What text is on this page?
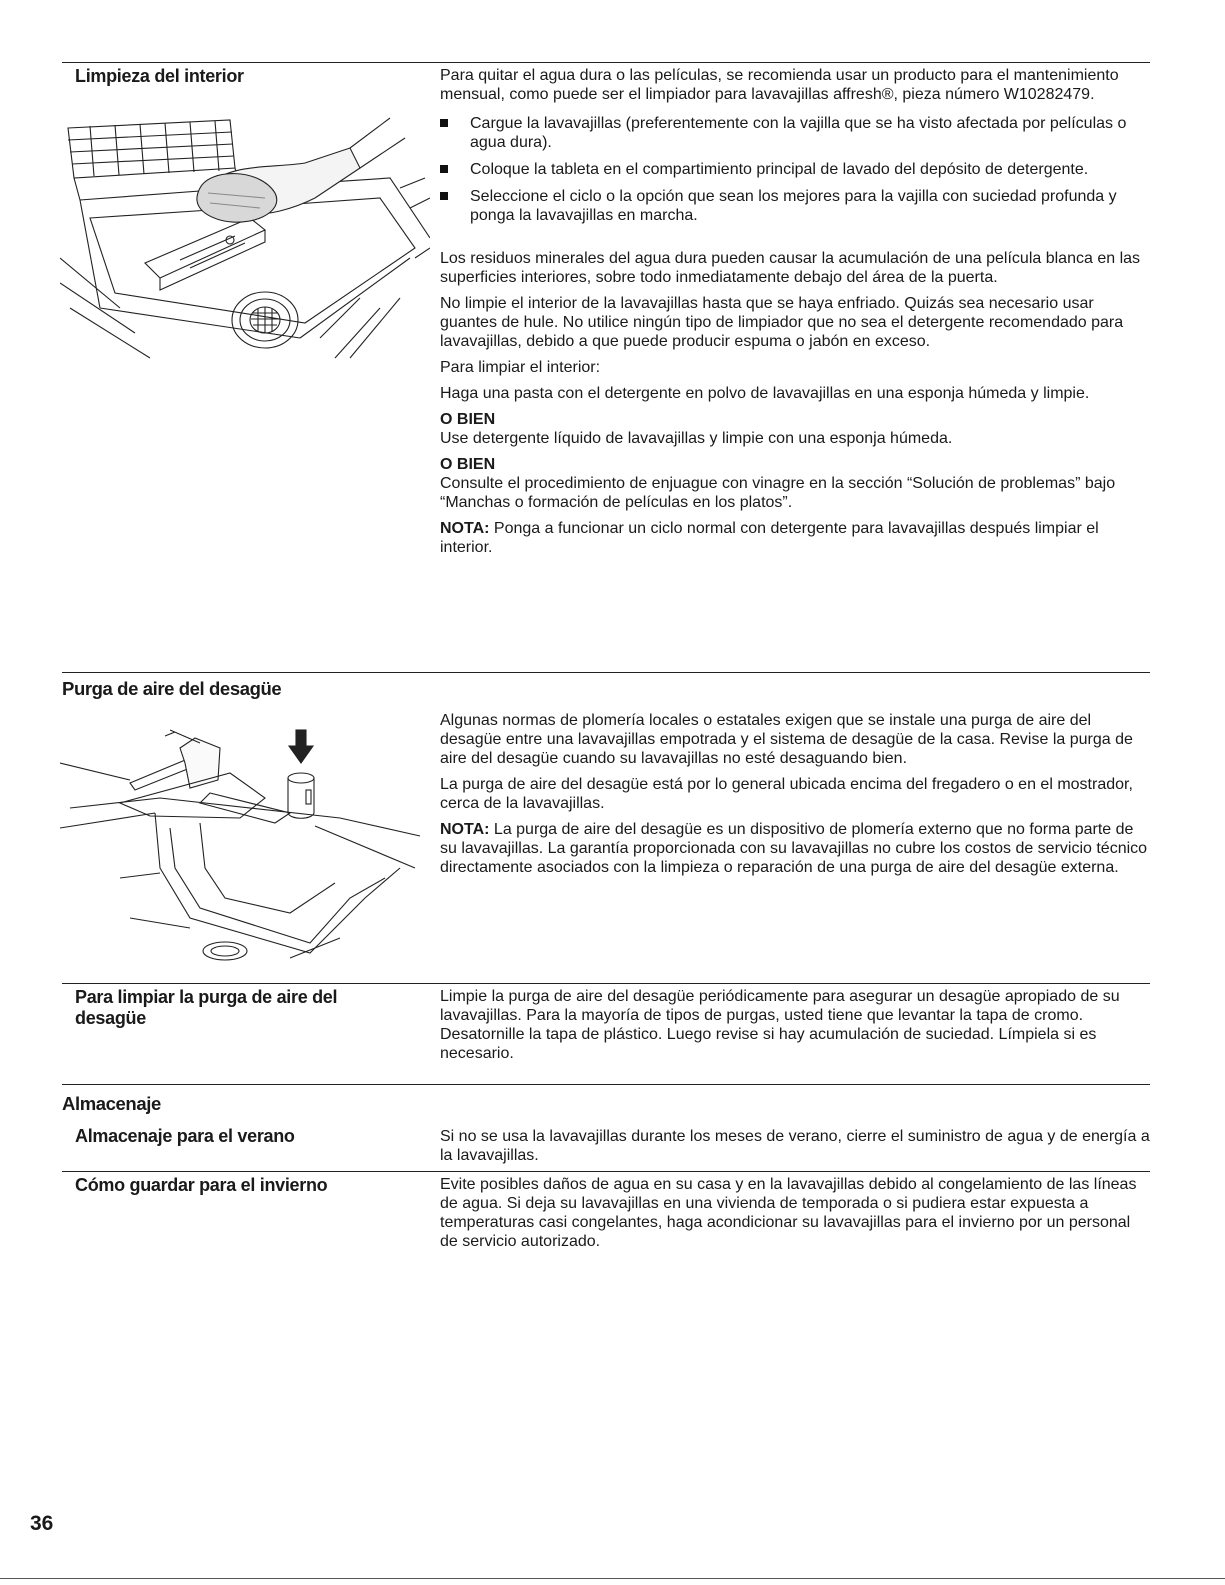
Limpieza del interior	Para quitar el agua dura o las películas, se recomienda usar un producto para el mantenimiento mensual, como puede ser el limpiador para lavavajillas affresh®, pieza número W10282479.

Cargue la lavavajillas (preferentemente con la vajilla que se ha visto afectada por películas o agua dura).
Coloque la tableta en el compartimiento principal de lavado del depósito de detergente.
Seleccione el ciclo o la opción que sean los mejores para la vajilla con suciedad profunda y ponga la lavavajillas en marcha.

Los residuos minerales del agua dura pueden causar la acumulación de una película blanca en las superficies interiores, sobre todo inmediatamente debajo del área de la puerta.

No limpie el interior de la lavavajillas hasta que se haya enfriado. Quizás sea necesario usar guantes de hule. No utilice ningún tipo de limpiador que no sea el detergente recomendado para lavavajillas, debido a que puede producir espuma o jabón en exceso.

Para limpiar el interior:

Haga una pasta con el detergente en polvo de lavavajillas en una esponja húmeda y limpie.

O BIEN

Use detergente líquido de lavavajillas y limpie con una esponja húmeda.

O BIEN

Consulte el procedimiento de enjuague con vinagre en la sección “Solución de problemas” bajo “Manchas o formación de películas en los platos”.

NOTA: Ponga a funcionar un ciclo normal con detergente para lavavajillas después limpiar el interior.

Purga de aire del desagüe

Algunas normas de plomería locales o estatales exigen que se instale una purga de aire del desagüe entre una lavavajillas empotrada y el sistema de desagüe de la casa. Revise la purga de aire del desagüe cuando su lavavajillas no esté desaguando bien.

La purga de aire del desagüe está por lo general ubicada encima del fregadero o en el mostrador, cerca de la lavavajillas.

NOTA: La purga de aire del desagüe es un dispositivo de plomería externo que no forma parte de su lavavajillas. La garantía proporcionada con su lavavajillas no cubre los costos de servicio técnico directamente asociados con la limpieza o reparación de una purga de aire del desagüe externa.

Para limpiar la purga de aire del
desagüe

Limpie la purga de aire del desagüe periódicamente para asegurar un desagüe apropiado de su lavavajillas. Para la mayoría de tipos de purgas, usted tiene que levantar la tapa de cromo. Desatornille la tapa de plástico. Luego revise si hay acumulación de suciedad. Límpiela si es necesario.

Almacenaje
Almacenaje para el verano	Si no se usa la lavavajillas durante los meses de verano, cierre el suministro de agua y de energía a la lavavajillas.

Cómo guardar para el invierno	Evite posibles daños de agua en su casa y en la lavavajillas debido al congelamiento de las líneas de agua. Si deja su lavavajillas en una vivienda de temporada o si pudiera estar expuesta a temperaturas casi congelantes, haga acondicionar su lavavajillas para el invierno por un personal de servicio autorizado.

36
